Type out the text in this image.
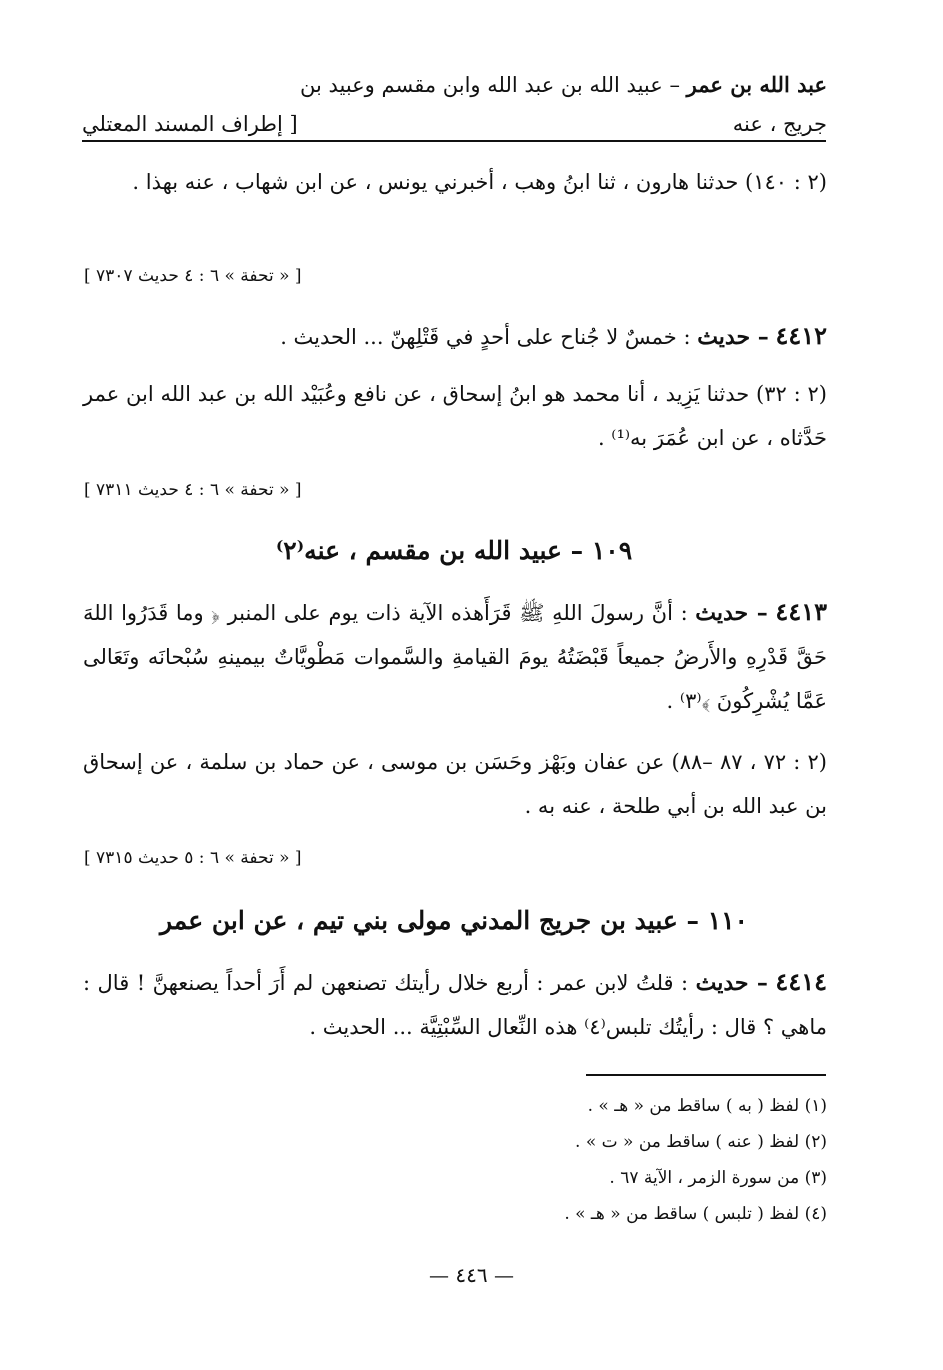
عبد الله بن عمر – عبيد الله بن عبد الله وابن مقسم وعبيد بن
جريج ، عنه
[ إطراف المسند المعتلي
(٢ : ١٤٠) حدثنا هارون ، ثنا ابنُ وهب ، أخبرني يونس ، عن ابن شهاب ، عنه بهذا .
[ « تحفة » ٦ : ٤ حديث ٧٣٠٧ ]
٤٤١٢ – حديث : خمسٌ لا جُناح على أحدٍ في قَتْلِهنّ ... الحديث .
(٢ : ٣٢) حدثنا يَزِيد ، أنا محمد هو ابنُ إسحاق ، عن نافع وعُبَيْد الله بن عبد الله ابن عمر حَدَّثاه ، عن ابن عُمَرَ به⁽¹⁾ .
[ « تحفة » ٦ : ٤ حديث ٧٣١١ ]
١٠٩ – عبيد الله بن مقسم ، عنه⁽٢⁾
٤٤١٣ – حديث : أنَّ رسولَ اللهِ ﷺ قَرَأَهذه الآية ذات يوم على المنبر ﴿ وما قَدَرُوا اللهَ حَقَّ قَدْرِهِ والأَرضُ جميعاً قَبْضَتُهُ يومَ القيامةِ والسَّموات مَطْويَّاتٌ بيمينهِ سُبْحانَه وتَعَالى عَمَّا يُشْرِكُونَ ﴾⁽٣⁾ .
(٢ : ٧٢ ، ٨٧ –٨٨) عن عفان وبَهْز وحَسَن بن موسى ، عن حماد بن سلمة ، عن إسحاق بن عبد الله بن أبي طلحة ، عنه به .
[ « تحفة » ٦ : ٥ حديث ٧٣١٥ ]
١١٠ – عبيد بن جريج المدني مولى بني تيم ، عن ابن عمر
٤٤١٤ – حديث : قلتُ لابن عمر : أربع خلال رأيتك تصنعهن لم أَرَ أحداً يصنعهنَّ ! قال : ماهي ؟ قال : رأيتُك تلبس⁽٤⁾ هذه النِّعال السِّبْتِيَّة ... الحديث .
(١) لفظ ( به ) ساقط من « هـ » .
(٢) لفظ ( عنه ) ساقط من « ت » .
(٣) من سورة الزمر ، الآية ٦٧ .
(٤) لفظ ( تلبس ) ساقط من « هـ » .
— ٤٤٦ —
